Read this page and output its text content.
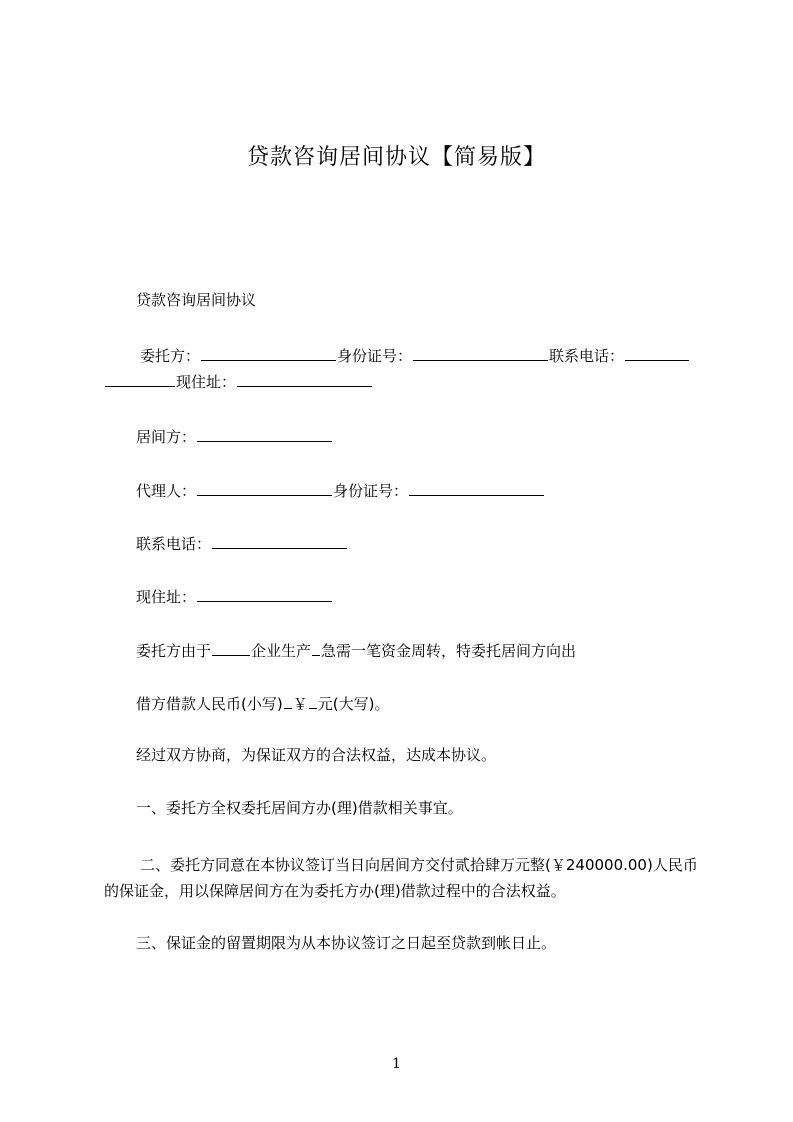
贷款咨询居间协议【简易版】
贷款咨询居间协议
委托方：	身份证号：	联系电话：
现住址：
居间方：
代理人：	身份证号：
联系电话：
现住址：
委托方由于	企业生产 急需一笔资金周转，特委托居间方向出
借方借款人民币(小写) ￥ 元(大写)。
经过双方协商，为保证双方的合法权益，达成本协议。
一、委托方全权委托居间方办(理)借款相关事宜。
二、委托方同意在本协议签订当日向居间方交付贰拾肆万元整(￥240000.00)人民币的保证金，用以保障居间方在为委托方办(理)借款过程中的合法权益。
三、保证金的留置期限为从本协议签订之日起至贷款到帐日止。
1
